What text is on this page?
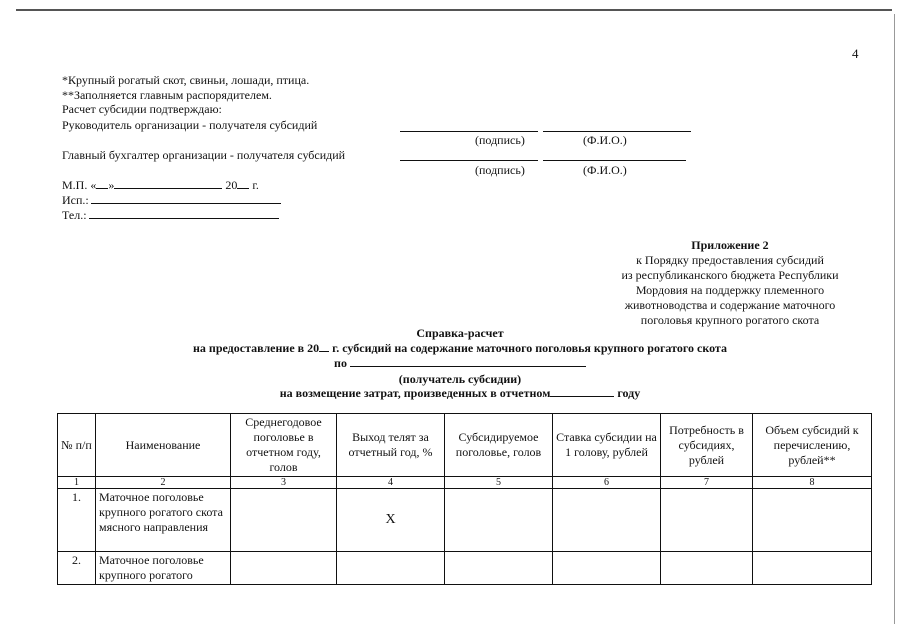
4
*Крупный рогатый скот, свиньи, лошади, птица.
**Заполняется главным распорядителем.
Расчет субсидии подтверждаю:
Руководитель организации - получателя субсидий
Главный бухгалтер организации - получателя субсидий
(подпись)	(Ф.И.О.)
(подпись)	(Ф.И.О.)
М.П. « »	20 г.
Исп.:
Тел.:
Приложение 2
к Порядку предоставления субсидий
из республиканского бюджета Республики
Мордовия на поддержку племенного
животноводства и содержание маточного
поголовья крупного рогатого скота
Справка-расчет
на предоставление в 20 г. субсидий на содержание маточного поголовья крупного рогатого скота
по
(получатель субсидии)
на возмещение затрат, произведенных в отчетном	году
№ п/п	Наименование	Среднегодовое поголовье в отчетном году, голов	Выход телят за отчетный год, %	Субсидируемое поголовье, голов	Ставка субсидии на 1 голову, рублей	Потребность в субсидиях, рублей	Объем субсидий к перечислению, рублей**
1	2	3	4	5	6	7	8
1.	Маточное поголовье крупного рогатого скота мясного направления		X				
2.	Маточное поголовье крупного рогатого						
